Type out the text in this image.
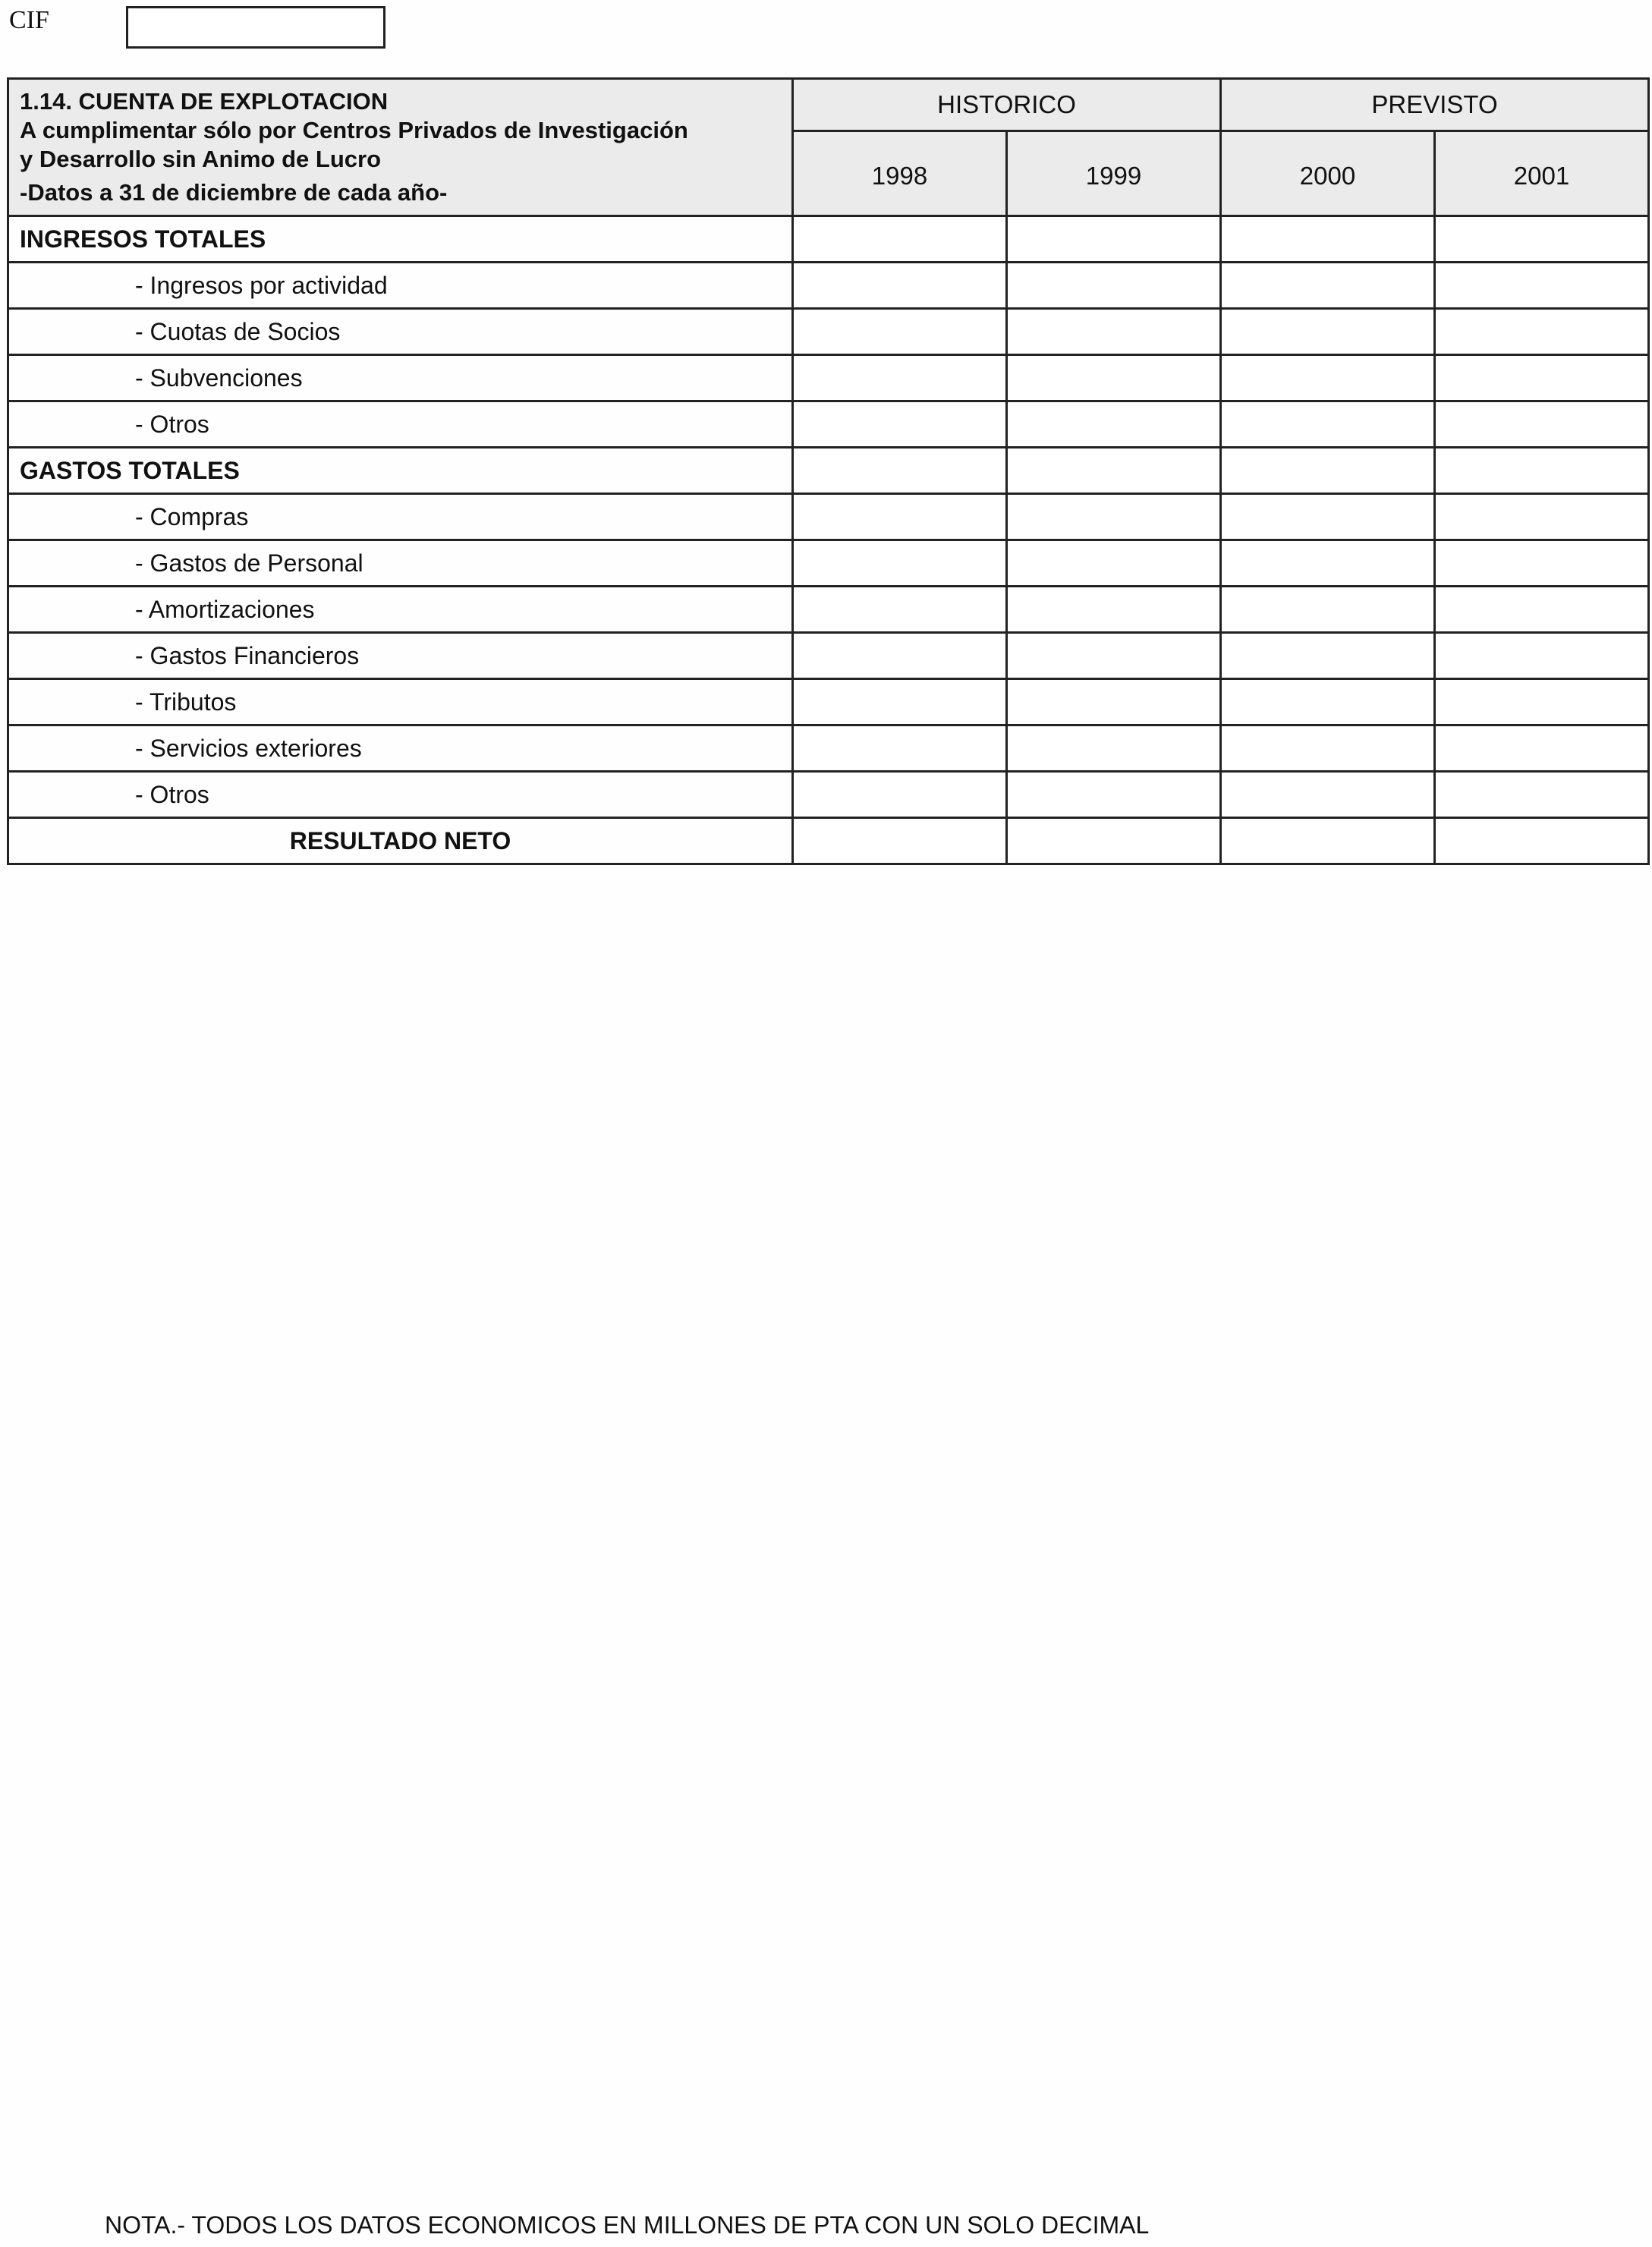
CIF
1.14. CUENTA DE EXPLOTACION
A cumplimentar sólo por Centros Privados de Investigación
y Desarrollo sin Animo de Lucro
-Datos a 31 de diciembre de cada año-	HISTORICO		PREVISTO	
	1998	1999	2000	2001
INGRESOS TOTALES				
- Ingresos por actividad				
- Cuotas de Socios				
- Subvenciones				
- Otros				
GASTOS TOTALES				
- Compras				
- Gastos de Personal				
- Amortizaciones				
- Gastos Financieros				
- Tributos				
- Servicios exteriores				
- Otros				
RESULTADO NETO				
NOTA.- TODOS LOS DATOS ECONOMICOS EN MILLONES DE PTA CON UN SOLO DECIMAL
